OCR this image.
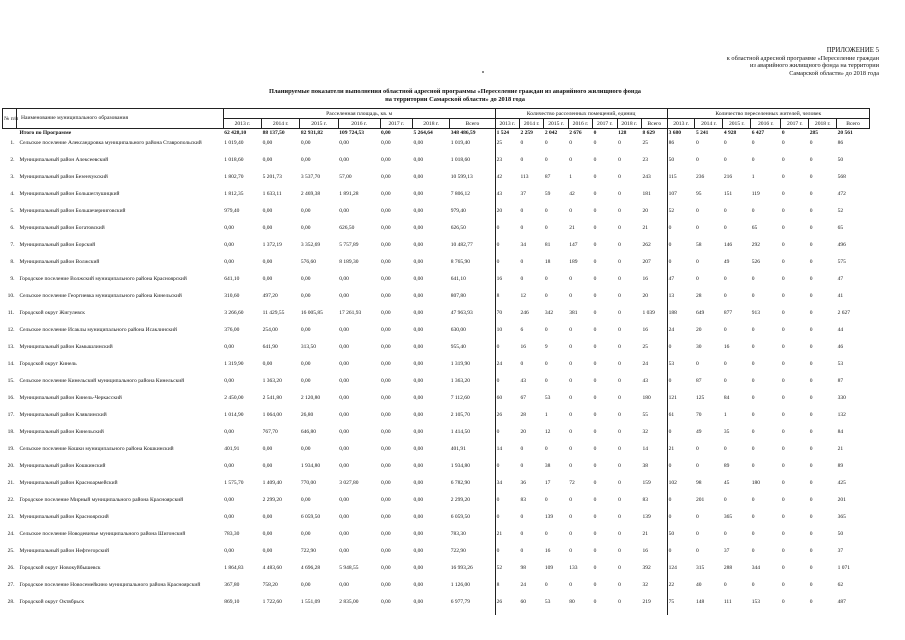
ПРИЛОЖЕНИЕ 5
к областной адресной программе «Переселение граждан
из аварийного жилищного фонда на территории
Самарской области» до 2018 года
Планируемые показатели выполнения областной адресной программы «Переселение граждан из аварийного жилищного фонда
на территории Самарской области» до 2018 года
№ п/п	Наименование муниципального образования	Расселенная площадь, кв. м							Количество расселенных помещений, единиц							Количество переселенных жителей, человек						
		2013 г.	2014 г.	2015 г.	2016 г.	2017 г.	2018 г.	Всего	2013 г.	2014 г.	2015 г.	2016 г.	2017 г.	2018 г.	Всего	2013 г.	2014 г.	2015 г.	2016 г.	2017 г.	2018 г.	Всего
	Итого по Программе	62 428,10	88 137,50	82 931,82	109 724,53	0,00	5 264,64	348 486,59	1 524	2 259	2 042	2 676	0	128	8 629	3 680	5 241	4 928	6 427	0	285	20 561
1.	Сельское поселение Александровка муниципального района Ставропольский	1 019,40	0,00	0,00	0,00	0,00	0,00	1 019,40	25	0	0	0	0	0	25	86	0	0	0	0	0	86
2.	Муниципальный район Алексеевский	1 018,60	0,00	0,00	0,00	0,00	0,00	1 018,60	23	0	0	0	0	0	23	50	0	0	0	0	0	50
3.	Муниципальный район Безенчукский	1 802,70	5 201,73	3 537,70	57,00	0,00	0,00	10 599,13	42	113	87	1	0	0	243	115	236	216	1	0	0	568
4.	Муниципальный район Большеглушицкий	1 812,35	1 633,11	2 469,38	1 891,28	0,00	0,00	7 806,12	43	37	59	42	0	0	181	107	95	151	119	0	0	472
5.	Муниципальный район Большечерниговский	979,40	0,00	0,00	0,00	0,00	0,00	979,40	20	0	0	0	0	0	20	52	0	0	0	0	0	52
6.	Муниципальный район Богатовский	0,00	0,00	0,00	626,50	0,00	0,00	626,50	0	0	0	21	0	0	21	0	0	0	65	0	0	65
7.	Муниципальный район Борский	0,00	1 372,19	3 352,69	5 757,89	0,00	0,00	10 482,77	0	34	81	147	0	0	262	0	58	146	292	0	0	496
8.	Муниципальный район Волжский	0,00	0,00	576,60	8 189,30	0,00	0,00	8 765,90	0	0	18	189	0	0	207	0	0	49	526	0	0	575
9.	Городское поселение Волжский муниципального района Красноярский	641,10	0,00	0,00	0,00	0,00	0,00	641,10	16	0	0	0	0	0	16	47	0	0	0	0	0	47
10.	Сельское поселение Георгиевка муниципального района Кинельский	310,60	497,20	0,00	0,00	0,00	0,00	807,80	8	12	0	0	0	0	20	13	28	0	0	0	0	41
11.	Городской округ Жигулевск	3 266,60	11 429,55	16 005,85	17 261,93	0,00	0,00	47 963,93	70	246	342	381	0	0	1 039	188	649	877	913	0	0	2 627
12.	Сельское поселение Исаклы муниципального района Исаклинский	376,00	254,00	0,00	0,00	0,00	0,00	630,00	10	6	0	0	0	0	16	24	20	0	0	0	0	44
13.	Муниципальный район Камышлинский	0,00	641,90	313,50	0,00	0,00	0,00	955,40	0	16	9	0	0	0	25	0	30	16	0	0	0	46
14.	Городской округ Кинель	1 319,90	0,00	0,00	0,00	0,00	0,00	1 319,90	24	0	0	0	0	0	24	53	0	0	0	0	0	53
15.	Сельское поселение Кинельский муниципального района Кинельский	0,00	1 363,20	0,00	0,00	0,00	0,00	1 363,20	0	43	0	0	0	0	43	0	87	0	0	0	0	87
16.	Муниципальный район Кинель-Черкасский	2 450,00	2 541,80	2 120,80	0,00	0,00	0,00	7 112,60	60	67	53	0	0	0	180	121	125	84	0	0	0	330
17.	Муниципальный район Клявлинский	1 014,90	1 064,00	26,80	0,00	0,00	0,00	2 105,70	26	28	1	0	0	0	55	61	70	1	0	0	0	132
18.	Муниципальный район Кинельский	0,00	767,70	646,80	0,00	0,00	0,00	1 414,50	0	20	12	0	0	0	32	0	49	35	0	0	0	84
19.	Сельское поселение Кошки муниципального района Кошкинский	401,91	0,00	0,00	0,00	0,00	0,00	401,91	14	0	0	0	0	0	14	21	0	0	0	0	0	21
20.	Муниципальный район Кошкинский	0,00	0,00	1 934,80	0,00	0,00	0,00	1 934,80	0	0	38	0	0	0	38	0	0	89	0	0	0	89
21.	Муниципальный район Красноармейский	1 575,70	1 409,40	770,00	3 027,80	0,00	0,00	6 782,90	34	36	17	72	0	0	159	102	98	45	180	0	0	425
22.	Городское поселение Мирный муниципального района Красноярский	0,00	2 299,20	0,00	0,00	0,00	0,00	2 299,20	0	83	0	0	0	0	83	0	201	0	0	0	0	201
23.	Муниципальный район Красноярский	0,00	0,00	6 059,50	0,00	0,00	0,00	6 059,50	0	0	139	0	0	0	139	0	0	365	0	0	0	365
24.	Сельское поселение Новодевичье муниципального района Шигонский	783,30	0,00	0,00	0,00	0,00	0,00	783,30	21	0	0	0	0	0	21	50	0	0	0	0	0	50
25.	Муниципальный район Нефтегорский	0,00	0,00	722,90	0,00	0,00	0,00	722,90	0	0	16	0	0	0	16	0	0	37	0	0	0	37
26.	Городской округ Новокуйбышевск	1 864,83	4 483,60	4 696,28	5 948,55	0,00	0,00	16 993,26	52	98	109	133	0	0	392	124	315	288	344	0	0	1 071
27.	Городское поселение Новосемейкино муниципального района Красноярский	367,80	758,20	0,00	0,00	0,00	0,00	1 126,00	8	24	0	0	0	0	32	22	40	0	0	0	0	62
28.	Городской округ Октябрьск	869,10	1 722,60	1 551,09	2 835,00	0,00	0,00	6 977,79	26	60	53	80	0	0	219	75	148	111	153	0	0	487
